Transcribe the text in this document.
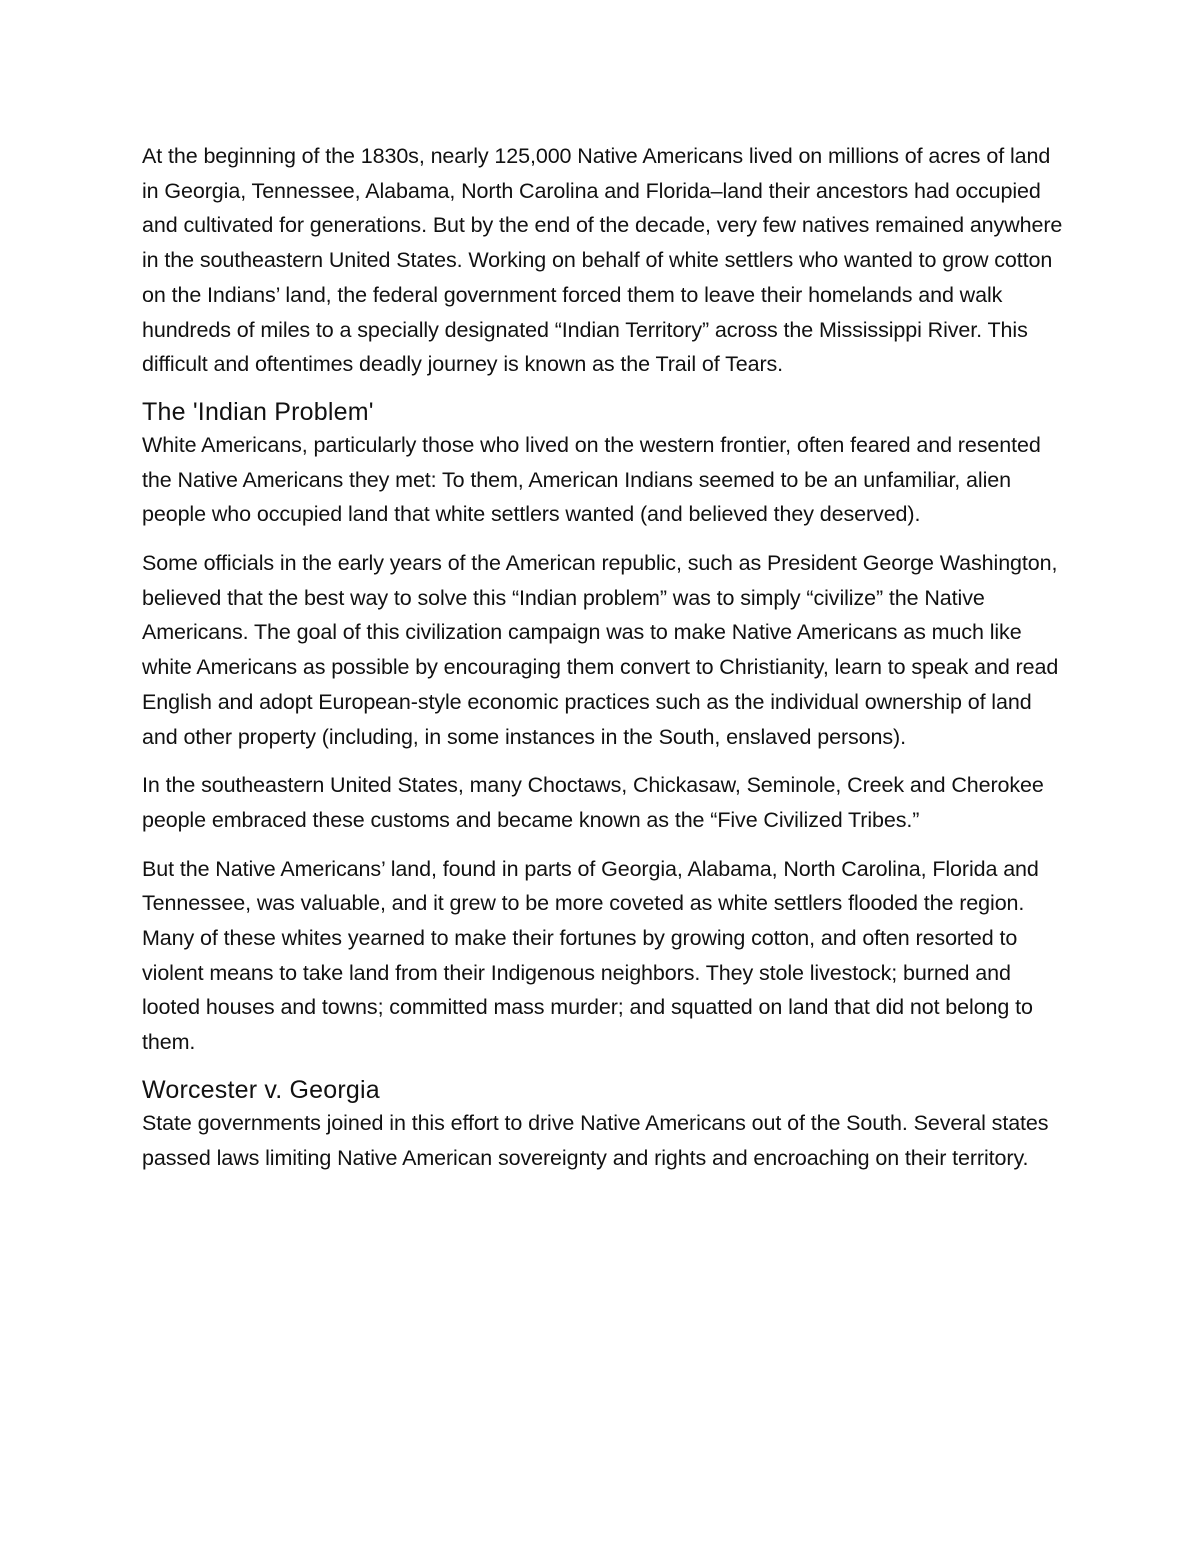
At the beginning of the 1830s, nearly 125,000 Native Americans lived on millions of acres of land in Georgia, Tennessee, Alabama, North Carolina and Florida–land their ancestors had occupied and cultivated for generations. But by the end of the decade, very few natives remained anywhere in the southeastern United States. Working on behalf of white settlers who wanted to grow cotton on the Indians’ land, the federal government forced them to leave their homelands and walk hundreds of miles to a specially designated “Indian Territory” across the Mississippi River. This difficult and oftentimes deadly journey is known as the Trail of Tears.

The 'Indian Problem'

White Americans, particularly those who lived on the western frontier, often feared and resented the Native Americans they met: To them, American Indians seemed to be an unfamiliar, alien people who occupied land that white settlers wanted (and believed they deserved).

Some officials in the early years of the American republic, such as President George Washington, believed that the best way to solve this “Indian problem” was to simply “civilize” the Native Americans. The goal of this civilization campaign was to make Native Americans as much like white Americans as possible by encouraging them convert to Christianity, learn to speak and read English and adopt European-style economic practices such as the individual ownership of land and other property (including, in some instances in the South, enslaved persons).

In the southeastern United States, many Choctaws, Chickasaw, Seminole, Creek and Cherokee people embraced these customs and became known as the “Five Civilized Tribes.”

But the Native Americans’ land, found in parts of Georgia, Alabama, North Carolina, Florida and Tennessee, was valuable, and it grew to be more coveted as white settlers flooded the region. Many of these whites yearned to make their fortunes by growing cotton, and often resorted to violent means to take land from their Indigenous neighbors. They stole livestock; burned and looted houses and towns; committed mass murder; and squatted on land that did not belong to them.

Worcester v. Georgia

State governments joined in this effort to drive Native Americans out of the South. Several states passed laws limiting Native American sovereignty and rights and encroaching on their territory.
